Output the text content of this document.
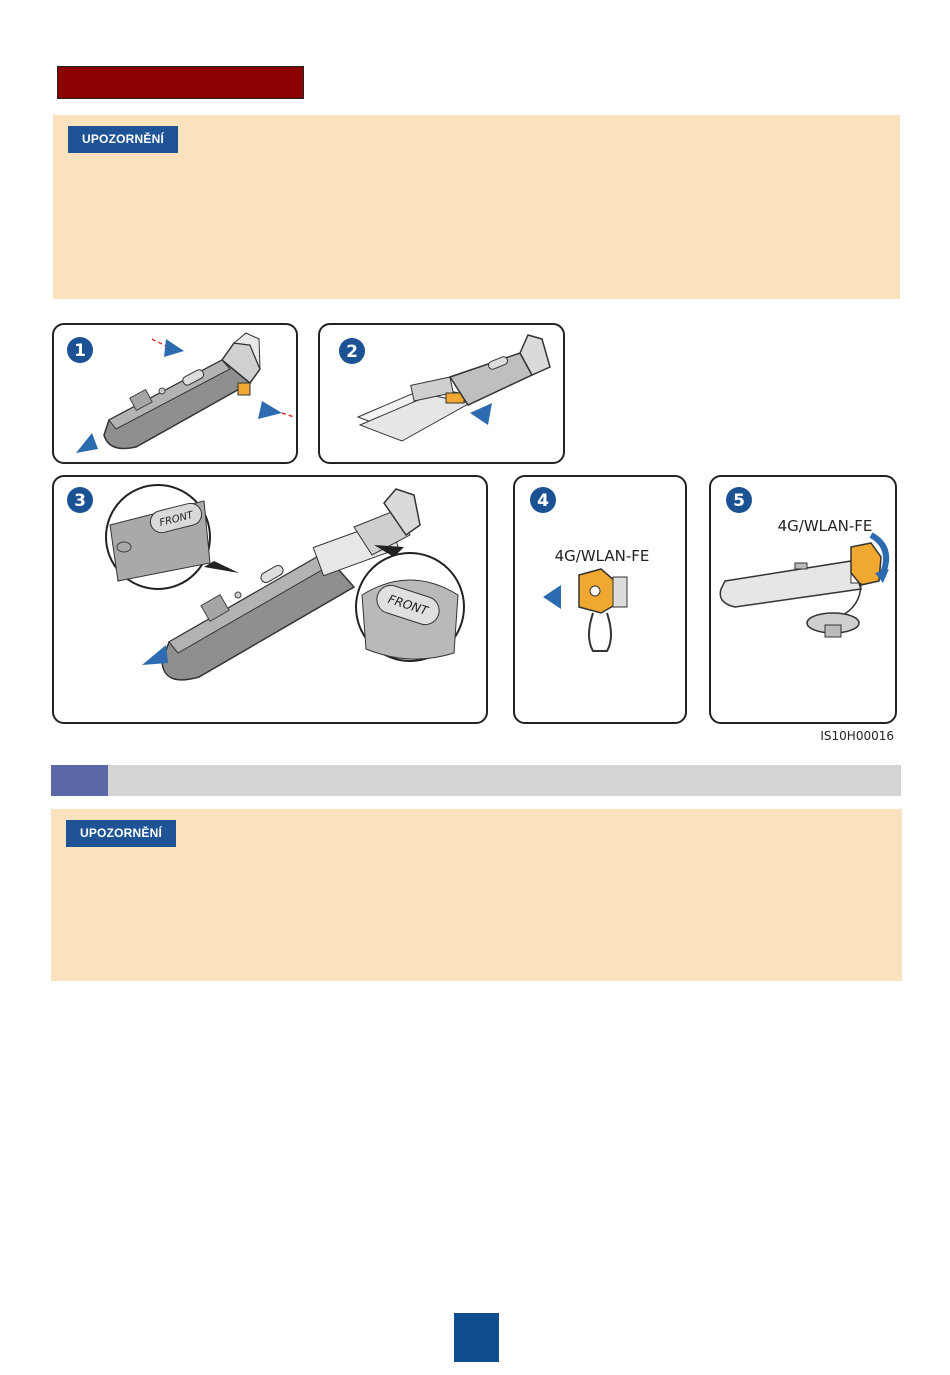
UPOZORNĚNÍ
1	2
3
FRONT
FRONT
4
4G/WLAN-FE
5
4G/WLAN-FE
IS10H00016
UPOZORNĚNÍ
